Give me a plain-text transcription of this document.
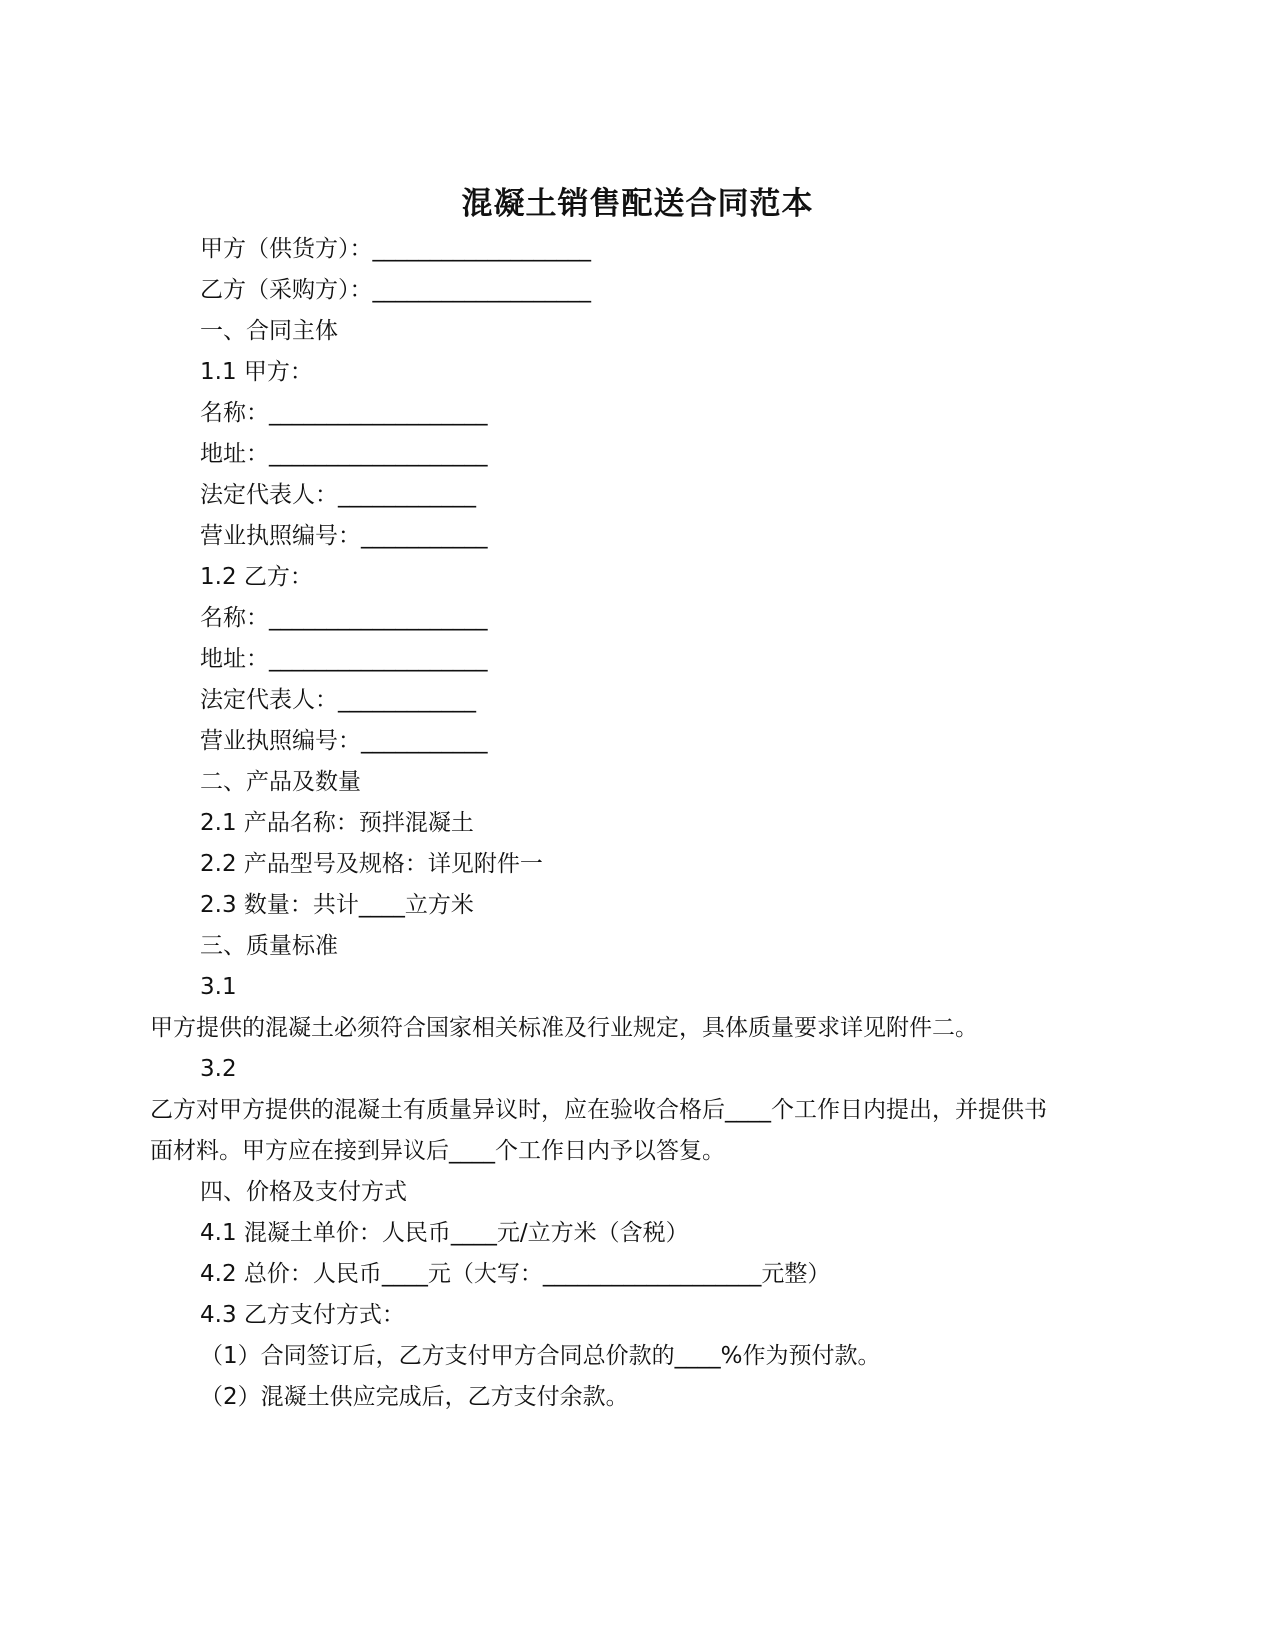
混凝土销售配送合同范本
甲方（供货方）：___________________
乙方（采购方）：___________________
一、合同主体
1.1 甲方：
名称：___________________
地址：___________________
法定代表人：____________
营业执照编号：___________
1.2 乙方：
名称：___________________
地址：___________________
法定代表人：____________
营业执照编号：___________
二、产品及数量
2.1 产品名称：预拌混凝土
2.2 产品型号及规格：详见附件一
2.3 数量：共计____立方米
三、质量标准
3.1
甲方提供的混凝土必须符合国家相关标准及行业规定，具体质量要求详见附件二。
3.2
乙方对甲方提供的混凝土有质量异议时，应在验收合格后____个工作日内提出，并提供书
面材料。甲方应在接到异议后____个工作日内予以答复。
四、价格及支付方式
4.1 混凝土单价：人民币____元/立方米（含税）
4.2 总价：人民币____元（大写：___________________元整）
4.3 乙方支付方式：
（1）合同签订后，乙方支付甲方合同总价款的____%作为预付款。
（2）混凝土供应完成后，乙方支付余款。
